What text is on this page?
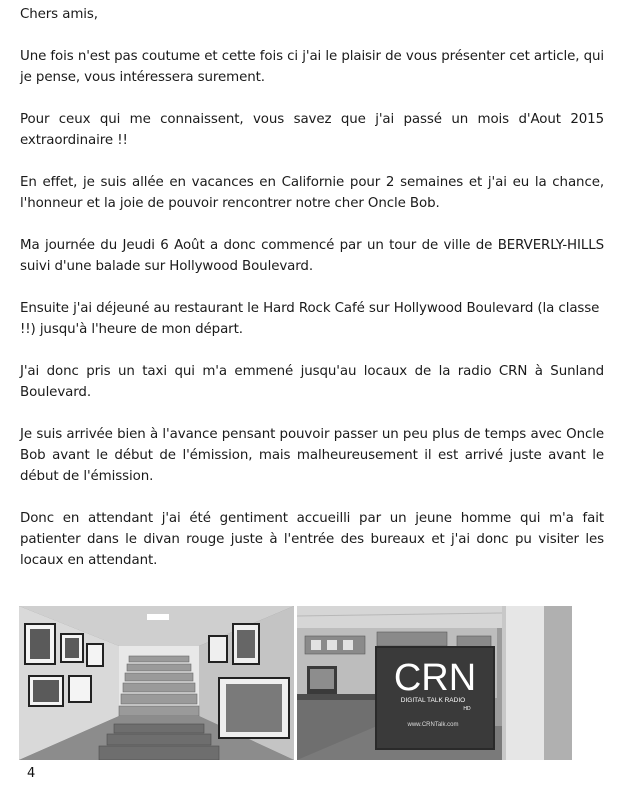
Chers amis,

Une fois n'est pas coutume et cette fois ci j'ai le plaisir de vous présenter cet article, qui je pense, vous intéressera surement.

Pour ceux qui me connaissent, vous savez que j'ai passé un mois d'Aout 2015 extraordinaire !!

En effet, je suis allée en vacances en Californie pour 2 semaines et j'ai eu la chance, l'honneur et la joie de pouvoir rencontrer notre cher Oncle Bob.

Ma journée du Jeudi 6 Août a donc commencé par un tour de ville de BERVERLY-HILLS suivi d'une balade sur Hollywood Boulevard.

Ensuite j'ai déjeuné au restaurant le Hard Rock Café sur Hollywood Boulevard (la classe !!) jusqu'à l'heure de mon départ.

J'ai donc pris un taxi qui m'a emmené jusqu'au locaux de la radio CRN à Sunland Boulevard.

Je suis arrivée bien à l'avance pensant pouvoir passer un peu plus de temps avec Oncle Bob avant le début de l'émission, mais malheureusement il est arrivé juste avant le début de l'émission.

Donc en attendant j'ai été gentiment accueilli par un jeune homme qui m'a fait patienter dans le divan rouge juste à l'entrée des bureaux et j'ai donc pu visiter les locaux en attendant.

CRN
DIGITAL TALK RADIO
HD
www.CRNTalk.com
4
